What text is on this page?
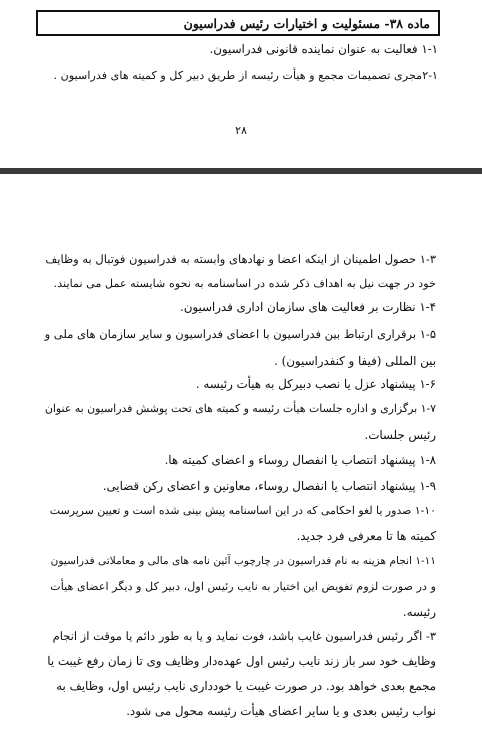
ماده ۳۸- مسئولیت و اختیارات رئیس فدراسیون
۱-۱ فعالیت به عنوان نماینده قانونی فدراسیون.
۲-۱مجری تصمیمات مجمع و هیأت رئیسه از طریق دبیر کل و کمیته های فدراسیون .
۲۸
۱-۳ حصول اطمینان از اینکه اعضا و نهادهای وابسته به فدراسیون فوتبال به وظایف
خود در جهت نیل به اهداف ذکر شده در اساسنامه به نحوه شایسته عمل می نمایند.
۱-۴ نظارت بر فعالیت های سازمان اداری فدراسیون.
۱-۵ برقراری ارتباط بین فدراسیون با اعضای فدراسیون و سایر سازمان های ملی و
بین المللی (فیفا و کنفدراسیون) .
۱-۶ پیشنهاد عزل یا نصب دبیرکل به هیأت رئیسه .
۱-۷ برگزاری و اداره جلسات هیأت رئیسه و کمیته های تحت پوشش فدراسیون به عنوان
رئیس جلسات.
۱-۸ پیشنهاد انتصاب یا انفصال روساء و اعضای کمیته ها.
۱-۹ پیشنهاد انتصاب یا انفصال روساء، معاونین و اعضای رکن قضایی.
۱-۱۰ صدور یا لغو احکامی که در این اساسنامه پیش بینی شده است و تعیین سرپرست
کمیته ها تا معرفی فرد جدید.
۱-۱۱ انجام هزینه به نام فدراسیون در چارچوب آئین نامه های مالی و معاملاتی فدراسیون
و در صورت لزوم تفویض این اختیار به نایب رئیس اول، دبیر کل و دیگر اعضای هیأت
رئیسه.
۳- اگر رئیس فدراسیون غایب باشد، فوت نماید و یا به طور دائم یا موقت از انجام
وظایف خود سر باز زند نایب رئیس اول عهده‌دار وظایف وی تا زمان رفع غیبت یا
مجمع بعدی خواهد بود. در صورت غیبت یا خودداری نایب رئیس اول، وظایف به
نواب رئیس بعدی و یا سایر اعضای هیأت رئیسه محول می شود.
